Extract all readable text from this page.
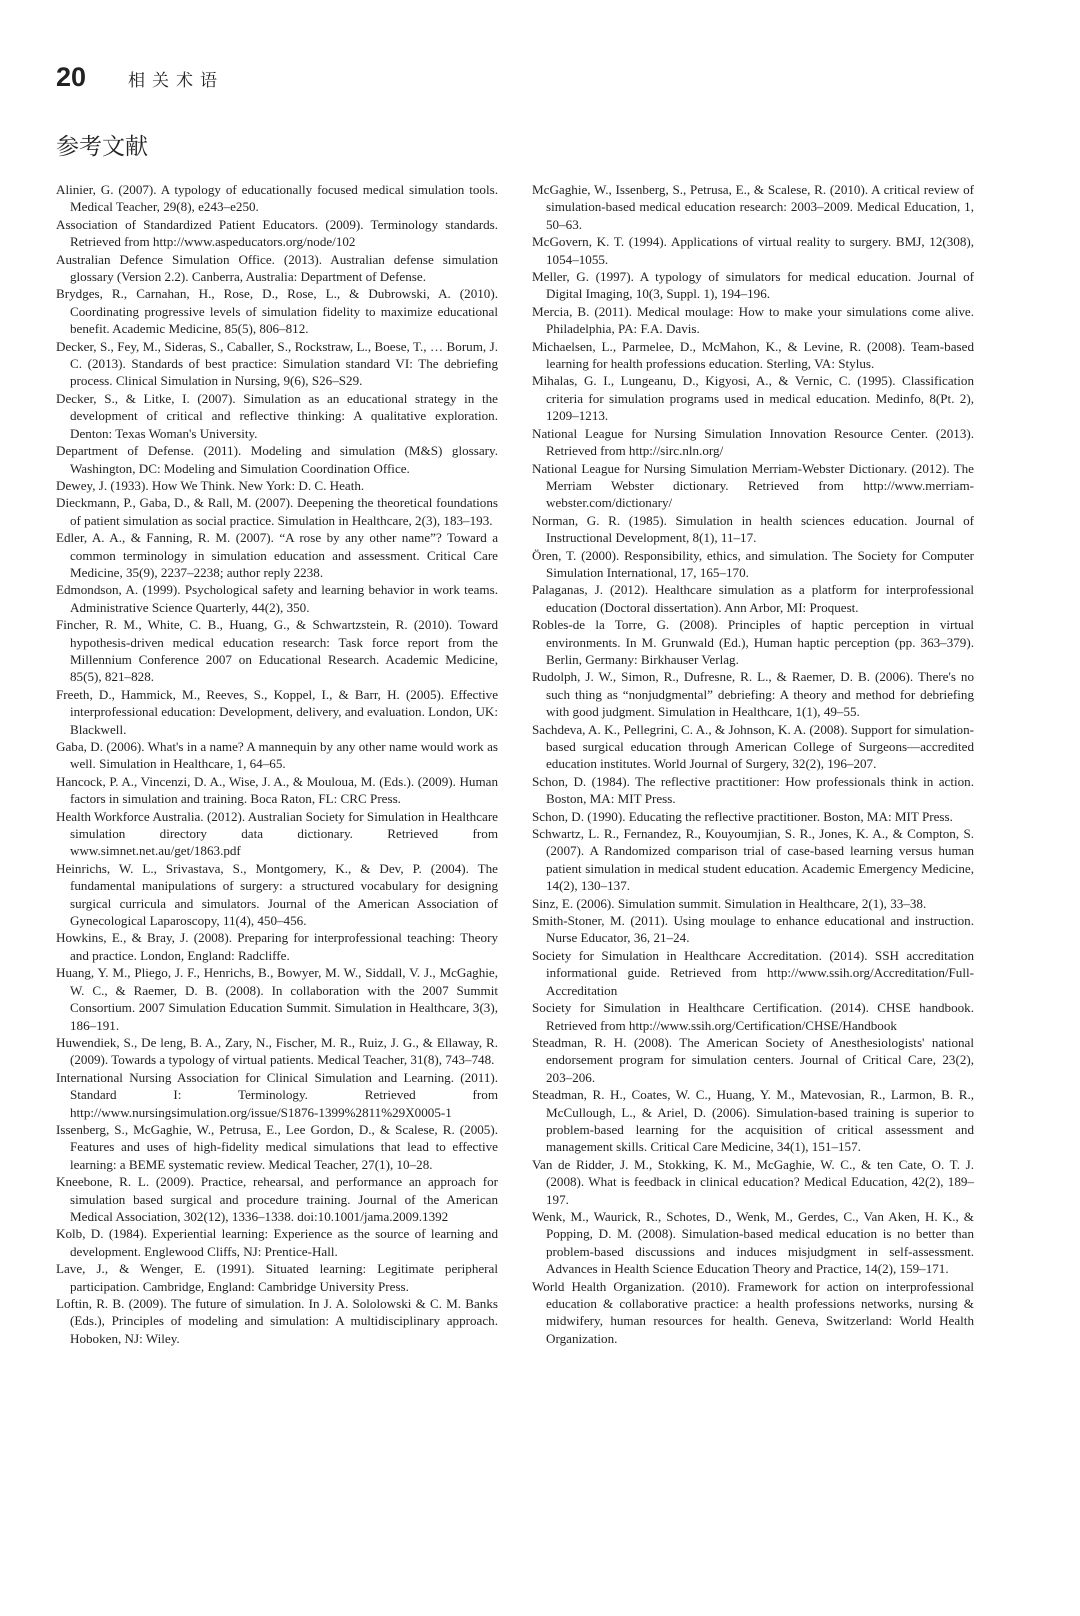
20 相关术语
参考文献

Alinier, G. (2007). A typology of educationally focused medical simulation tools. Medical Teacher, 29(8), e243–e250.

Association of Standardized Patient Educators. (2009). Terminology standards. Retrieved from http://www.aspeducators.org/node/102

Australian Defence Simulation Office. (2013). Australian defense simulation glossary (Version 2.2). Canberra, Australia: Department of Defense.

Brydges, R., Carnahan, H., Rose, D., Rose, L., & Dubrowski, A. (2010). Coordinating progressive levels of simulation fidelity to maximize educational benefit. Academic Medicine, 85(5), 806–812.

Decker, S., Fey, M., Sideras, S., Caballer, S., Rockstraw, L., Boese, T., … Borum, J. C. (2013). Standards of best practice: Simulation standard VI: The debriefing process. Clinical Simulation in Nursing, 9(6), S26–S29.

Decker, S., & Litke, I. (2007). Simulation as an educational strategy in the development of critical and reflective thinking: A qualitative exploration. Denton: Texas Woman's University.

Department of Defense. (2011). Modeling and simulation (M&S) glossary. Washington, DC: Modeling and Simulation Coordination Office.

Dewey, J. (1933). How We Think. New York: D. C. Heath.

Dieckmann, P., Gaba, D., & Rall, M. (2007). Deepening the theoretical foundations of patient simulation as social practice. Simulation in Healthcare, 2(3), 183–193.

Edler, A. A., & Fanning, R. M. (2007). “A rose by any other name”? Toward a common terminology in simulation education and assessment. Critical Care Medicine, 35(9), 2237–2238; author reply 2238.

Edmondson, A. (1999). Psychological safety and learning behavior in work teams. Administrative Science Quarterly, 44(2), 350.

Fincher, R. M., White, C. B., Huang, G., & Schwartzstein, R. (2010). Toward hypothesis-driven medical education research: Task force report from the Millennium Conference 2007 on Educational Research. Academic Medicine, 85(5), 821–828.

Freeth, D., Hammick, M., Reeves, S., Koppel, I., & Barr, H. (2005). Effective interprofessional education: Development, delivery, and evaluation. London, UK: Blackwell.

Gaba, D. (2006). What's in a name? A mannequin by any other name would work as well. Simulation in Healthcare, 1, 64–65.

Hancock, P. A., Vincenzi, D. A., Wise, J. A., & Mouloua, M. (Eds.). (2009). Human factors in simulation and training. Boca Raton, FL: CRC Press.

Health Workforce Australia. (2012). Australian Society for Simulation in Healthcare simulation directory data dictionary. Retrieved from www.simnet.net.au/get/1863.pdf

Heinrichs, W. L., Srivastava, S., Montgomery, K., & Dev, P. (2004). The fundamental manipulations of surgery: a structured vocabulary for designing surgical curricula and simulators. Journal of the American Association of Gynecological Laparoscopy, 11(4), 450–456.

Howkins, E., & Bray, J. (2008). Preparing for interprofessional teaching: Theory and practice. London, England: Radcliffe.

Huang, Y. M., Pliego, J. F., Henrichs, B., Bowyer, M. W., Siddall, V. J., McGaghie, W. C., & Raemer, D. B. (2008). In collaboration with the 2007 Summit Consortium. 2007 Simulation Education Summit. Simulation in Healthcare, 3(3), 186–191.

Huwendiek, S., De leng, B. A., Zary, N., Fischer, M. R., Ruiz, J. G., & Ellaway, R. (2009). Towards a typology of virtual patients. Medical Teacher, 31(8), 743–748.

International Nursing Association for Clinical Simulation and Learning. (2011). Standard I: Terminology. Retrieved from http://www.nursingsimulation.org/issue/S1876-1399%2811%29X0005-1

Issenberg, S., McGaghie, W., Petrusa, E., Lee Gordon, D., & Scalese, R. (2005). Features and uses of high-fidelity medical simulations that lead to effective learning: a BEME systematic review. Medical Teacher, 27(1), 10–28.

Kneebone, R. L. (2009). Practice, rehearsal, and performance an approach for simulation based surgical and procedure training. Journal of the American Medical Association, 302(12), 1336–1338. doi:10.1001/jama.2009.1392

Kolb, D. (1984). Experiential learning: Experience as the source of learning and development. Englewood Cliffs, NJ: Prentice-Hall.

Lave, J., & Wenger, E. (1991). Situated learning: Legitimate peripheral participation. Cambridge, England: Cambridge University Press.

Loftin, R. B. (2009). The future of simulation. In J. A. Sololowski & C. M. Banks (Eds.), Principles of modeling and simulation: A multidisciplinary approach. Hoboken, NJ: Wiley.

McGaghie, W., Issenberg, S., Petrusa, E., & Scalese, R. (2010). A critical review of simulation-based medical education research: 2003–2009. Medical Education, 1, 50–63.

McGovern, K. T. (1994). Applications of virtual reality to surgery. BMJ, 12(308), 1054–1055.

Meller, G. (1997). A typology of simulators for medical education. Journal of Digital Imaging, 10(3, Suppl. 1), 194–196.

Mercia, B. (2011). Medical moulage: How to make your simulations come alive. Philadelphia, PA: F.A. Davis.

Michaelsen, L., Parmelee, D., McMahon, K., & Levine, R. (2008). Team-based learning for health professions education. Sterling, VA: Stylus.

Mihalas, G. I., Lungeanu, D., Kigyosi, A., & Vernic, C. (1995). Classification criteria for simulation programs used in medical education. Medinfo, 8(Pt. 2), 1209–1213.

National League for Nursing Simulation Innovation Resource Center. (2013). Retrieved from http://sirc.nln.org/

National League for Nursing Simulation Merriam-Webster Dictionary. (2012). The Merriam Webster dictionary. Retrieved from http://www.merriam-webster.com/dictionary/

Norman, G. R. (1985). Simulation in health sciences education. Journal of Instructional Development, 8(1), 11–17.

Ören, T. (2000). Responsibility, ethics, and simulation. The Society for Computer Simulation International, 17, 165–170.

Palaganas, J. (2012). Healthcare simulation as a platform for interprofessional education (Doctoral dissertation). Ann Arbor, MI: Proquest.

Robles-de la Torre, G. (2008). Principles of haptic perception in virtual environments. In M. Grunwald (Ed.), Human haptic perception (pp. 363–379). Berlin, Germany: Birkhauser Verlag.

Rudolph, J. W., Simon, R., Dufresne, R. L., & Raemer, D. B. (2006). There's no such thing as “nonjudgmental” debriefing: A theory and method for debriefing with good judgment. Simulation in Healthcare, 1(1), 49–55.

Sachdeva, A. K., Pellegrini, C. A., & Johnson, K. A. (2008). Support for simulation-based surgical education through American College of Surgeons—accredited education institutes. World Journal of Surgery, 32(2), 196–207.

Schon, D. (1984). The reflective practitioner: How professionals think in action. Boston, MA: MIT Press.

Schon, D. (1990). Educating the reflective practitioner. Boston, MA: MIT Press.

Schwartz, L. R., Fernandez, R., Kouyoumjian, S. R., Jones, K. A., & Compton, S. (2007). A Randomized comparison trial of case-based learning versus human patient simulation in medical student education. Academic Emergency Medicine, 14(2), 130–137.

Sinz, E. (2006). Simulation summit. Simulation in Healthcare, 2(1), 33–38.

Smith-Stoner, M. (2011). Using moulage to enhance educational and instruction. Nurse Educator, 36, 21–24.

Society for Simulation in Healthcare Accreditation. (2014). SSH accreditation informational guide. Retrieved from http://www.ssih.org/Accreditation/Full-Accreditation

Society for Simulation in Healthcare Certification. (2014). CHSE handbook. Retrieved from http://www.ssih.org/Certification/CHSE/Handbook

Steadman, R. H. (2008). The American Society of Anesthesiologists' national endorsement program for simulation centers. Journal of Critical Care, 23(2), 203–206.

Steadman, R. H., Coates, W. C., Huang, Y. M., Matevosian, R., Larmon, B. R., McCullough, L., & Ariel, D. (2006). Simulation-based training is superior to problem-based learning for the acquisition of critical assessment and management skills. Critical Care Medicine, 34(1), 151–157.

Van de Ridder, J. M., Stokking, K. M., McGaghie, W. C., & ten Cate, O. T. J. (2008). What is feedback in clinical education? Medical Education, 42(2), 189–197.

Wenk, M., Waurick, R., Schotes, D., Wenk, M., Gerdes, C., Van Aken, H. K., & Popping, D. M. (2008). Simulation-based medical education is no better than problem-based discussions and induces misjudgment in self-assessment. Advances in Health Science Education Theory and Practice, 14(2), 159–171.

World Health Organization. (2010). Framework for action on interprofessional education & collaborative practice: a health professions networks, nursing & midwifery, human resources for health. Geneva, Switzerland: World Health Organization.
